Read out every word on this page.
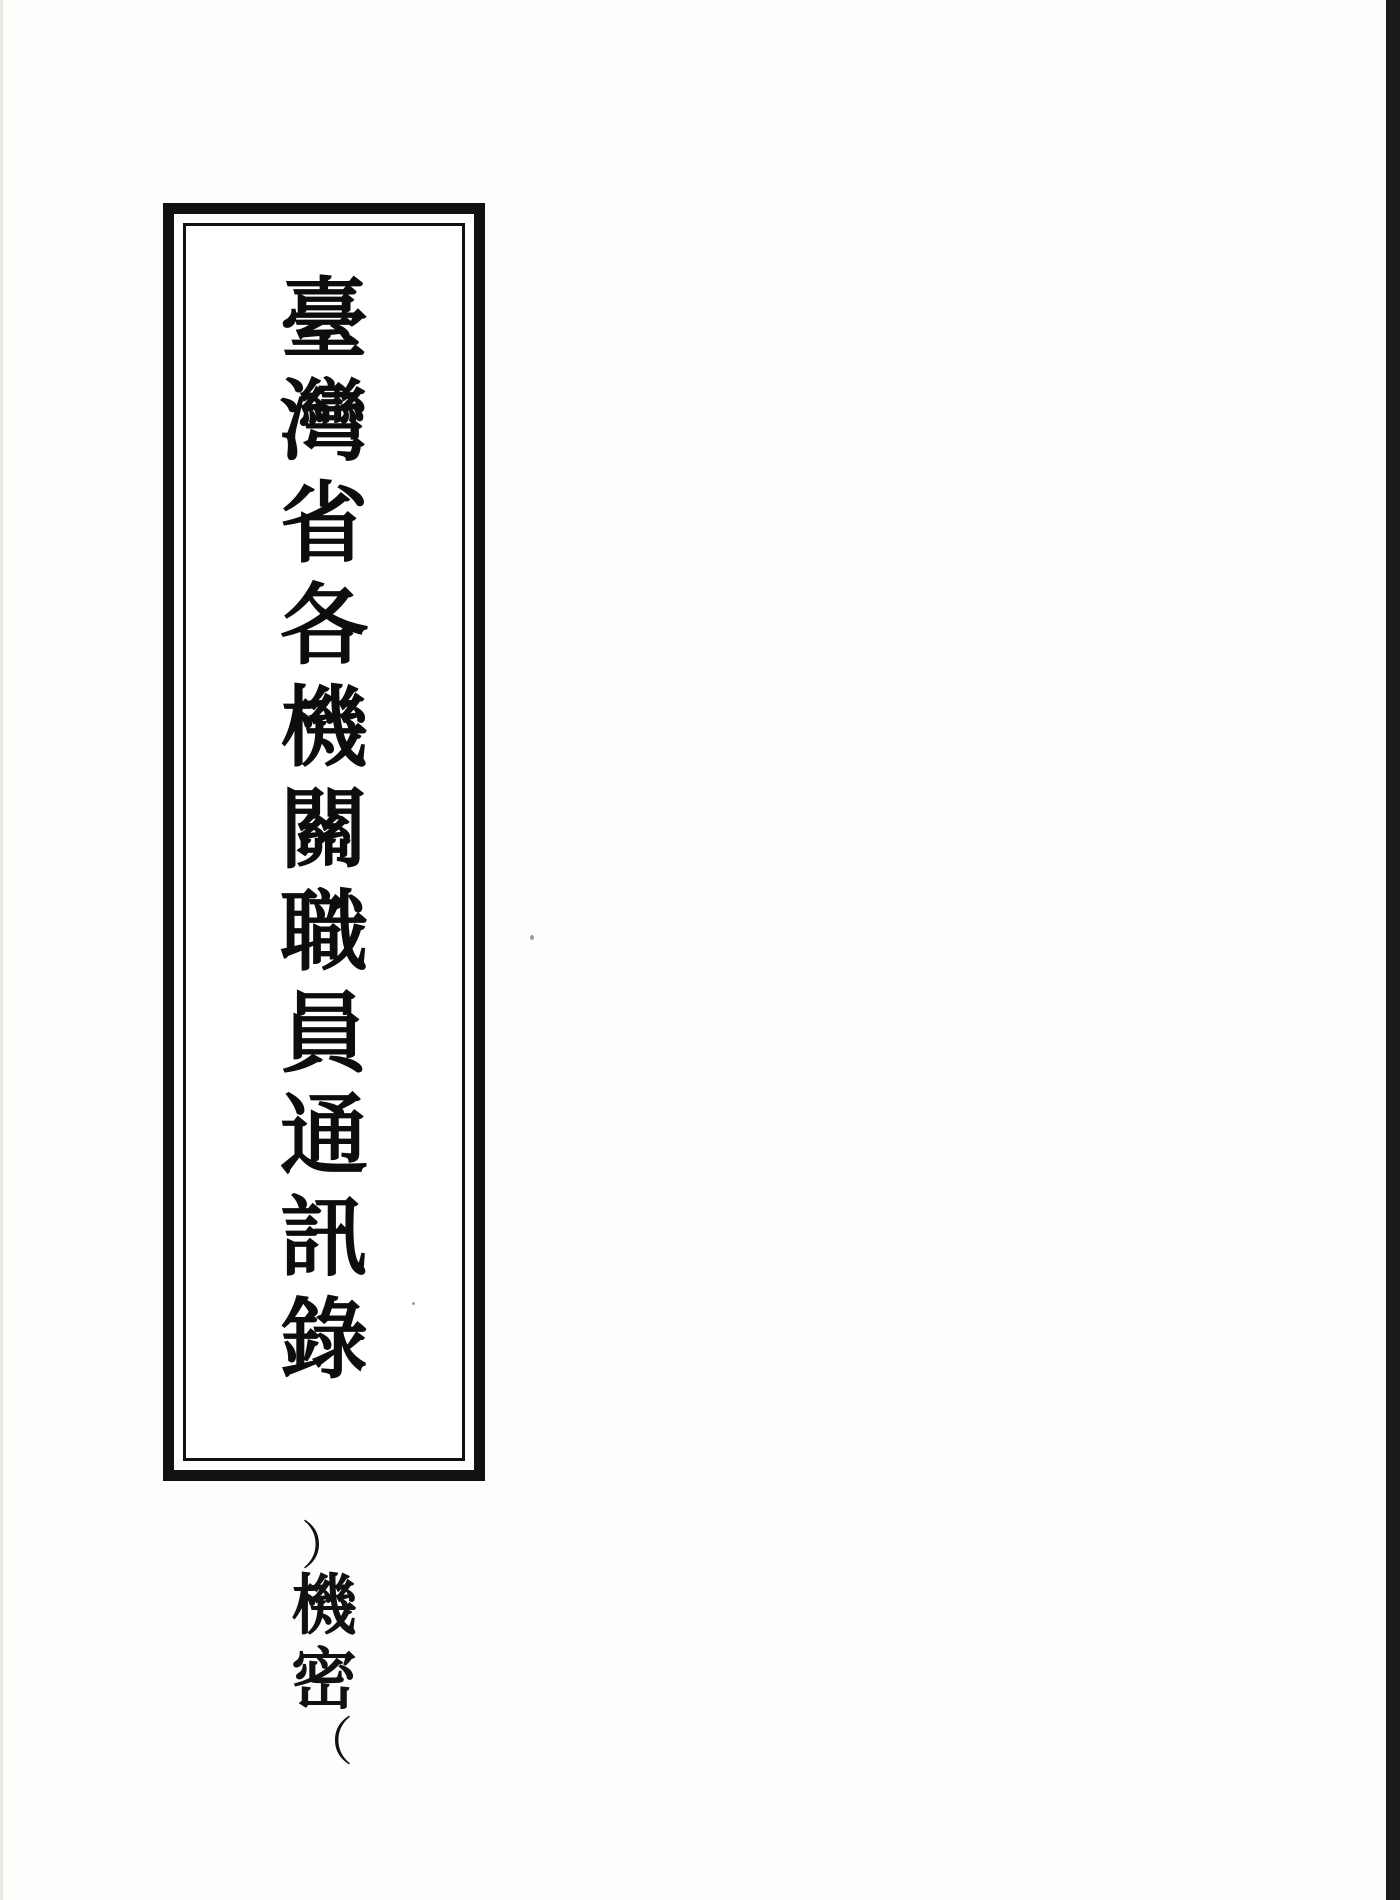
臺
灣
省
各
機
關
職
員
通
訊
錄
︵
機
密
︶
